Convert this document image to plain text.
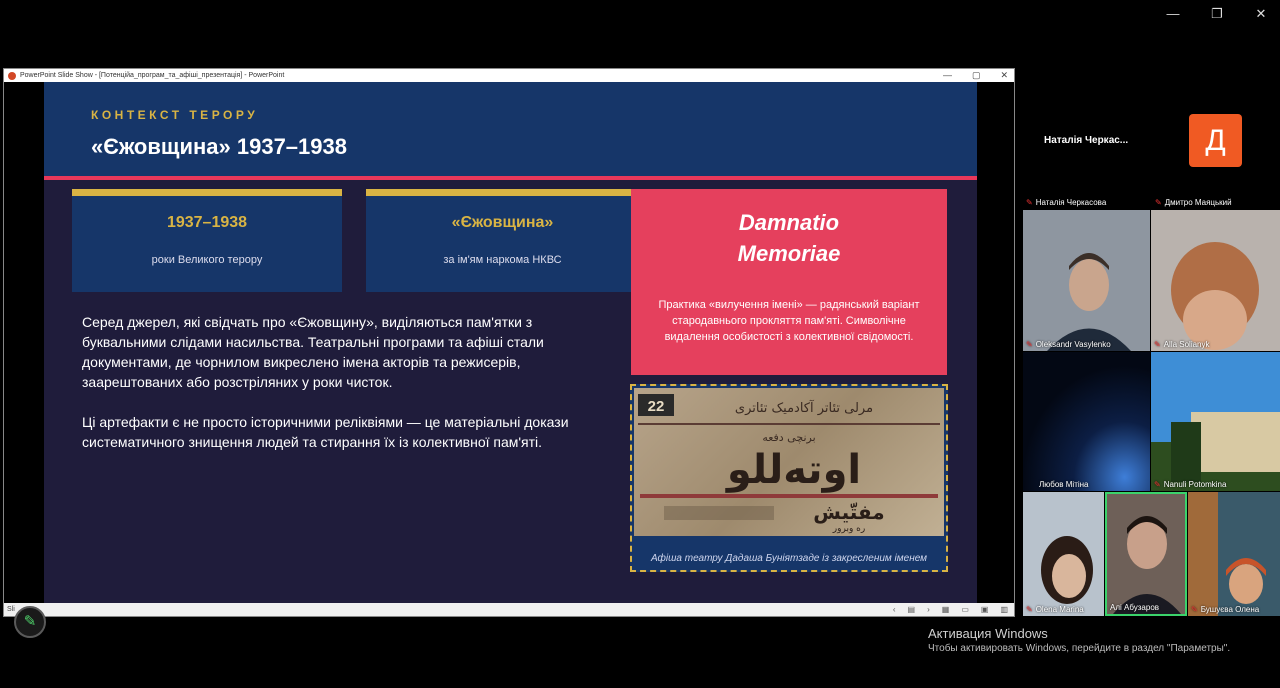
— ❐	✕
PowerPoint Slide Show - [Потенційа_програм_та_афіші_презентація] - PowerPoint	— ▢ ✕
КОНТЕКСТ ТЕРОРУ
«Єжовщина» 1937–1938
1937–1938
роки Великого терору
«Єжовщина»
за ім'ям наркома НКВС
Damnatio
Memoriae
Практика «вилучення імені» — радянський варіант стародавнього прокляття пам'яті. Символічне видалення особистості з колективної свідомості.

Серед джерел, які свідчать про «Єжовщину», виділяються пам'ятки з буквальними слідами насильства. Театральні програми та афіші стали документами, де чорнилом викреслено імена акторів та режисерів, заарештованих або розстріляних у роки чисток.

Ці артефакти є не просто історичними реліквіями — це матеріальні докази систематичного знищення людей та стирання їх із колективної пам'яті.

22	مرلی تئاتر آکادمیک تئاتری
برنچی دفعه
اوتەللو
مفتّیش
ره وبرور
Афіша театру Дадаша Буніятзаде із закресленим іменем
Sli	‹ ▤ › ▦ ▭ ▣ ▥
Наталія Черкас...	Д
✎ Наталія Черкасова	✎ Дмитро Маяцький
✎ Oleksandr Vasylenko	✎ Alla Solianyk
Любов Мітіна	✎ Nanuli Potomkina
✎ Olena Marina	Алі Абузаров	✎ Бушуєва Олена
Активация Windows
Чтобы активировать Windows, перейдите в раздел "Параметры".
✎
